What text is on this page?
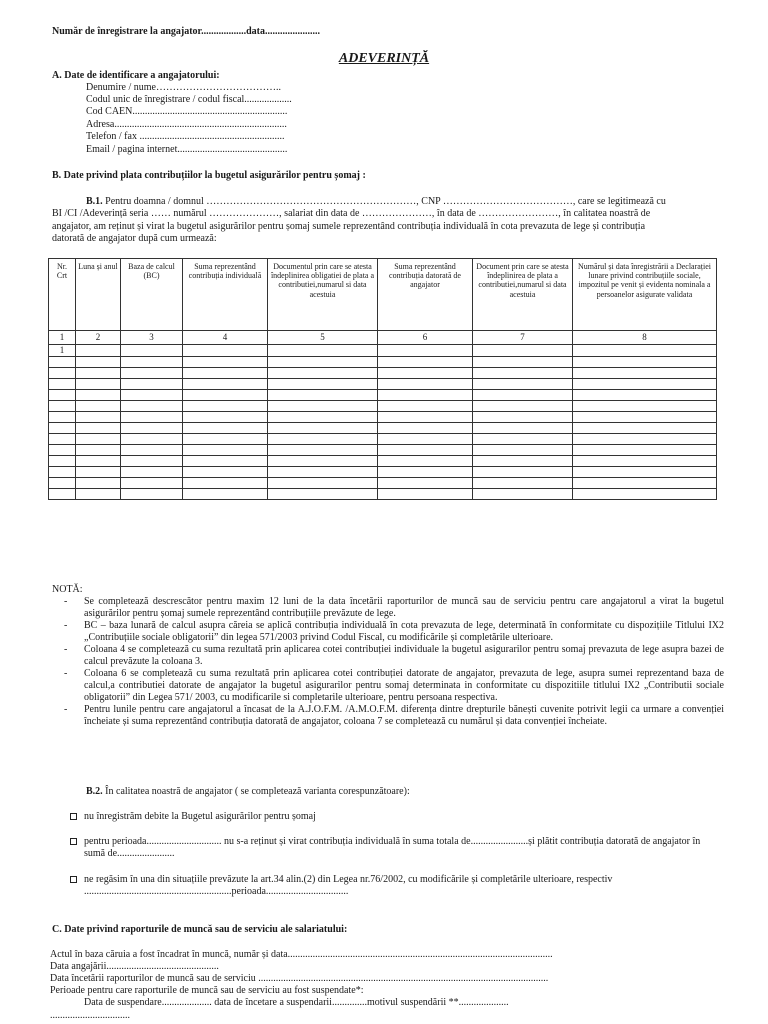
Număr de înregistrare la angajator..................data......................
ADEVERINȚĂ
A. Date de identificare a angajatorului:
Denumire / nume………………………………..
Codul unic de înregistrare / codul fiscal...................
Cod CAEN..............................................................
Adresa.....................................................................
Telefon / fax ..........................................................
Email / pagina internet............................................
B. Date privind plata contribuțiilor la bugetul asigurărilor pentru șomaj :
B.1. Pentru doamna / domnul ………………………………………………………, CNP …………………………………, care se legitimează cu
BI /CI /Adeverință seria …… numărul …………………, salariat din data de …………………, în data de ……………………, în calitatea noastră de
angajator, am reținut și virat la bugetul asigurărilor pentru șomaj sumele reprezentând contribuția individuală în cota prevazuta de lege și contribuția
datorată de angajator după cum urmează:
Nr. Crt	Luna și anul	Baza de calcul (BC)	Suma reprezentând contribuția individuală	Documentul prin care se atesta îndeplinirea obligatiei de plata a contributiei,numarul si data acestuia	Suma reprezentând contribuția datorată de angajator	Document prin care se atesta îndeplinirea de plata a contributiei,numarul si data acestuia	Numărul și data înregistrării a Declarației lunare privind contribuțiile sociale, impozitul pe venit și evidenta nominala a persoanelor asigurate validata
1	2	3	4	5	6	7	8
1							

NOTĂ:
- Se completează descrescător pentru maxim 12 luni de la data încetării raporturilor de muncă sau de serviciu pentru care angajatorul a virat la bugetul asigurărilor pentru șomaj sumele reprezentând contribuțiile prevăzute de lege.
- BC – baza lunară de calcul asupra căreia se aplică contribuția individuală în cota prevazuta de lege, determinată în conformitate cu dispozițiile Titlului IX2 „Contribuțiile sociale obligatorii” din legea 571/2003 privind Codul Fiscal, cu modificările și completările ulterioare.
- Coloana 4 se completează cu suma rezultată prin aplicarea cotei contribuției individuale la bugetul asigurarilor pentru somaj prevazuta de lege asupra bazei de calcul prevăzute la coloana 3.
- Coloana 6 se completează cu suma rezultată prin aplicarea cotei contribuției datorate de angajator, prevazuta de lege, asupra sumei reprezentand baza de calcul,a contributiei datorate de angajator la bugetul asigurarilor pentru somaj determinata in conformitate cu dispozitiile titlului IX2 „Contributii sociale obligatorii” din Legea 571/ 2003, cu modificarile si completarile ulterioare, pentru persoana respectiva.
- Pentru lunile pentru care angajatorul a încasat de la A.J.O.F.M. /A.M.O.F.M. diferența dintre drepturile bănești cuvenite potrivit legii ca urmare a convenției încheiate și suma reprezentând contribuția datorată de angajator, coloana 7 se completează cu numărul și data convenției încheiate.
B.2. În calitatea noastră de angajator ( se completează varianta corespunzătoare):
nu înregistrăm debite la Bugetul asigurărilor pentru șomaj
pentru perioada.............................. nu s-a reținut și virat contribuția individuală în suma totala de.......................și plătit contribuția datorată de angajator în sumă de.......................
ne regăsim în una din situațiile prevăzute la art.34 alin.(2) din Legea nr.76/2002, cu modificările și completările ulterioare, respectiv ...........................................................perioada.................................
C. Date privind raporturile de muncă sau de serviciu ale salariatului:
Actul în baza căruia a fost încadrat în muncă, număr și data..........................................................................................................
Data angajării.............................................
Data încetării raporturilor de muncă sau de serviciu ....................................................................................................................
Perioade pentru care raporturile de muncă sau de serviciu au fost suspendate*:
Data de suspendare.................... data de încetare a suspendarii..............motivul suspendării **....................
................................
